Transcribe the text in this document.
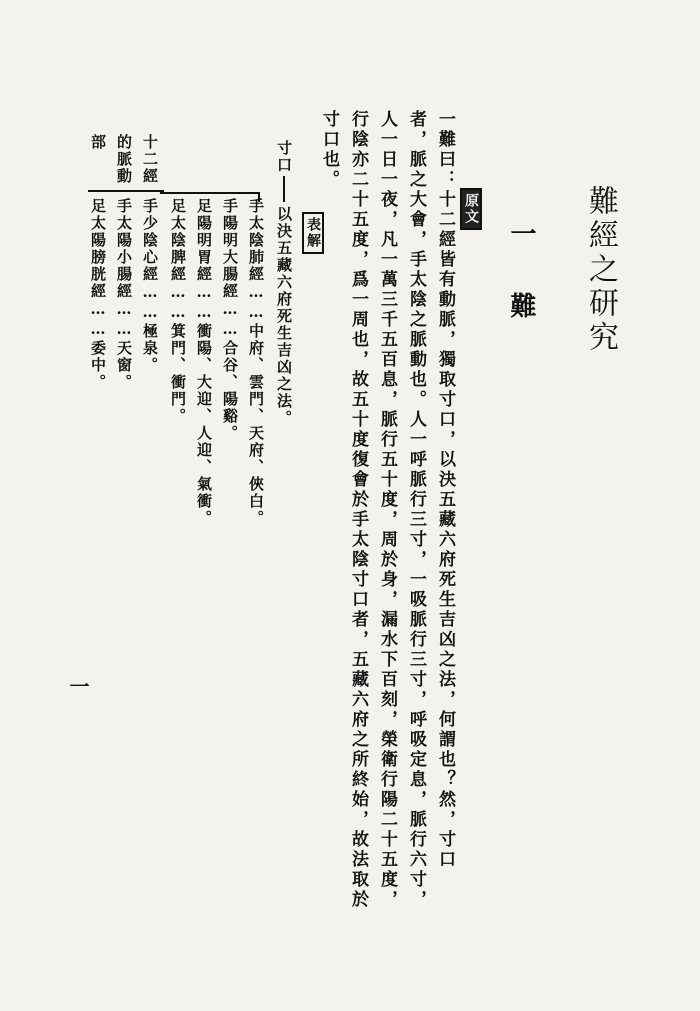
難經之研究
一 難
原文
一難曰：十二經皆有動脈，獨取寸口，以決五藏六府死生吉凶之法，何謂也？然，寸口
者，脈之大會，手太陰之脈動也。人一呼脈行三寸，一吸脈行三寸，呼吸定息，脈行六寸，
人一日一夜，凡一萬三千五百息，脈行五十度，周於身，漏水下百刻，榮衛行陽二十五度，
行陰亦二十五度，爲一周也，故五十度復會於手太陰寸口者，五藏六府之所終始，故法取於
寸口也。
表解
寸口
以決五藏六府死生吉凶之法。
手太陰肺經……中府、雲門、天府、俠白。
手陽明大腸經……合谷、陽谿。
足陽明胃經……衝陽、大迎、人迎、氣衝。
足太陰脾經……箕門、衝門。
十二經
的脈動
部
手少陰心經……極泉。
手太陽小腸經……天窗。
足太陽膀胱經……委中。
一
